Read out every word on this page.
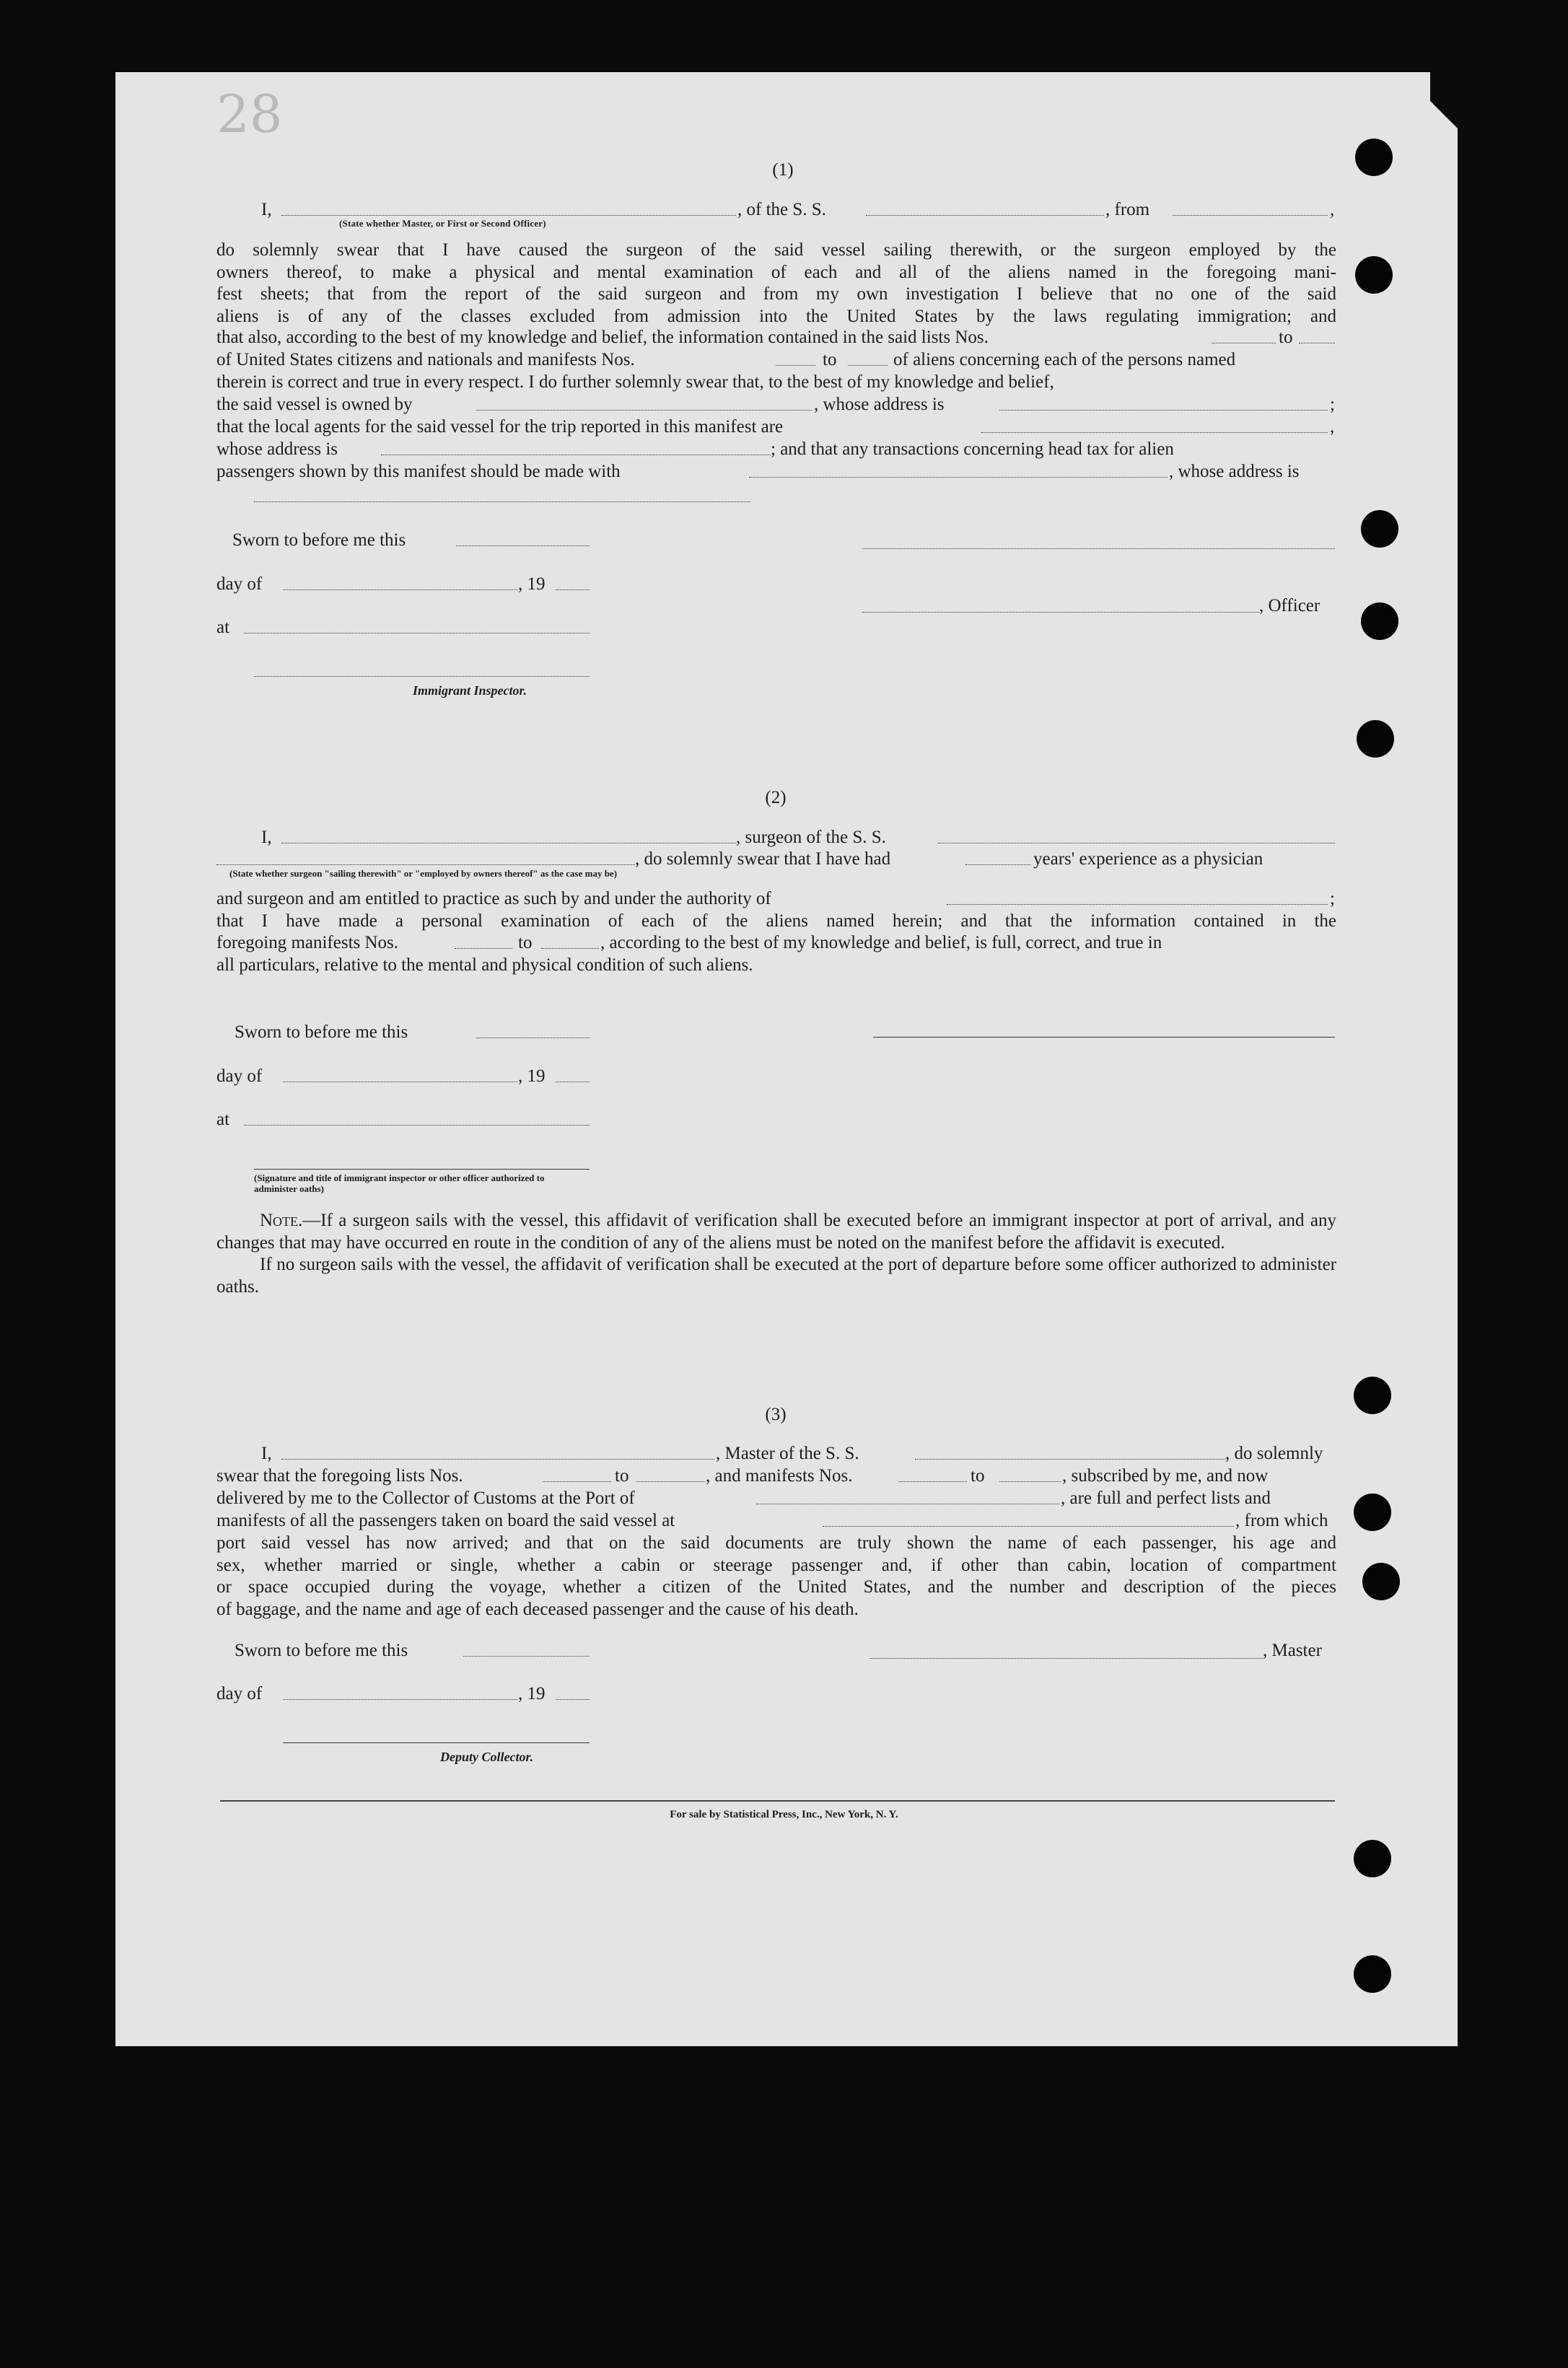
28
(1)
I,	, of the S. S.	, from	,
(State whether Master, or First or Second Officer)
do solemnly swear that I have caused the surgeon of the said vessel sailing therewith, or the surgeon employed by the
owners thereof, to make a physical and mental examination of each and all of the aliens named in the foregoing mani-
fest sheets; that from the report of the said surgeon and from my own investigation I believe that no one of the said
aliens is of any of the classes excluded from admission into the United States by the laws regulating immigration; and
that also, according to the best of my knowledge and belief, the information contained in the said lists Nos.	to
of United States citizens and nationals and manifests Nos.	to	of aliens concerning each of the persons named
therein is correct and true in every respect. I do further solemnly swear that, to the best of my knowledge and belief,
the said vessel is owned by	, whose address is	;
that the local agents for the said vessel for the trip reported in this manifest are	,
whose address is	; and that any transactions concerning head tax for alien
passengers shown by this manifest should be made with	, whose address is
Sworn to before me this
day of	, 19
, Officer
at
Immigrant Inspector.
(2)
I,	, surgeon of the S. S.
, do solemnly swear that I have had	years' experience as a physician
(State whether surgeon "sailing therewith" or "employed by owners thereof" as the case may be)
and surgeon and am entitled to practice as such by and under the authority of	;
that I have made a personal examination of each of the aliens named herein; and that the information contained in the
foregoing manifests Nos.	to	, according to the best of my knowledge and belief, is full, correct, and true in
all particulars, relative to the mental and physical condition of such aliens.
Sworn to before me this
day of	, 19
at
(Signature and title of immigrant inspector or other officer authorized to administer oaths)

Note.—If a surgeon sails with the vessel, this affidavit of verification shall be executed before an immigrant inspector at port of arrival, and any changes that may have occurred en route in the condition of any of the aliens must be noted on the manifest before the affidavit is executed.

If no surgeon sails with the vessel, the affidavit of verification shall be executed at the port of departure before some officer authorized to administer oaths.

(3)
I,	, Master of the S. S.	, do solemnly
swear that the foregoing lists Nos.	to	, and manifests Nos.	to	, subscribed by me, and now
delivered by me to the Collector of Customs at the Port of	, are full and perfect lists and
manifests of all the passengers taken on board the said vessel at	, from which
port said vessel has now arrived; and that on the said documents are truly shown the name of each passenger, his age and
sex, whether married or single, whether a cabin or steerage passenger and, if other than cabin, location of compartment
or space occupied during the voyage, whether a citizen of the United States, and the number and description of the pieces
of baggage, and the name and age of each deceased passenger and the cause of his death.
Sworn to before me this	, Master
day of	, 19
Deputy Collector.
For sale by Statistical Press, Inc., New York, N. Y.
